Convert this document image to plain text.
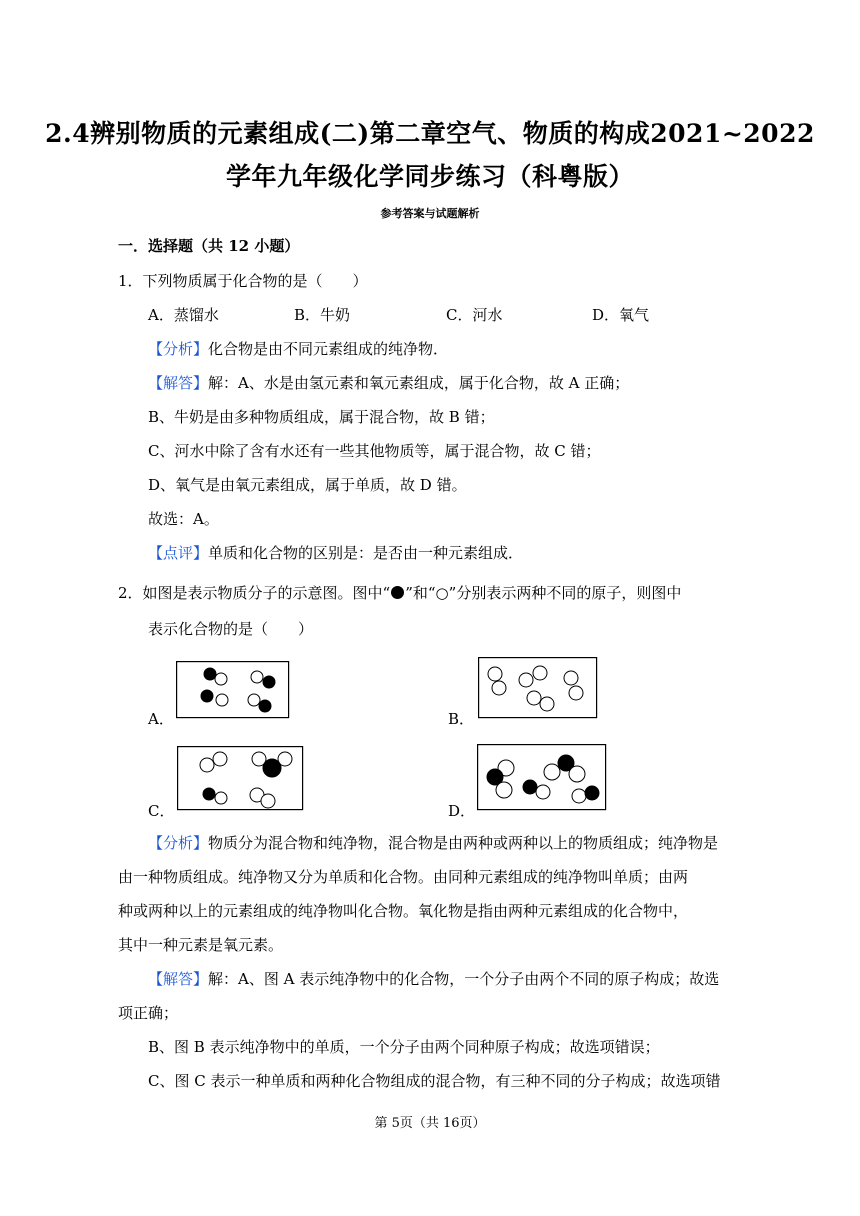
2.4辨别物质的元素组成(二)第二章空气、物质的构成2021~2022
学年九年级化学同步练习（科粤版）
参考答案与试题解析
一．选择题（共 12 小题）
1．下列物质属于化合物的是（　　）
A．蒸馏水	B．牛奶	C．河水	D．氧气
【分析】化合物是由不同元素组成的纯净物．
【解答】解：A、水是由氢元素和氧元素组成，属于化合物，故 A 正确；
B、牛奶是由多种物质组成，属于混合物，故 B 错；
C、河水中除了含有水还有一些其他物质等，属于混合物，故 C 错；
D、氧气是由氧元素组成，属于单质，故 D 错。
故选：A。
【点评】单质和化合物的区别是：是否由一种元素组成．
2．如图是表示物质分子的示意图。图中“ ”和“○”分别表示两种不同的原子，则图中
表示化合物的是（　　）
A．	B．
C．	D．
【分析】物质分为混合物和纯净物，混合物是由两种或两种以上的物质组成；纯净物是
由一种物质组成。纯净物又分为单质和化合物。由同种元素组成的纯净物叫单质；由两
种或两种以上的元素组成的纯净物叫化合物。氧化物是指由两种元素组成的化合物中，
其中一种元素是氧元素。
【解答】解：A、图 A 表示纯净物中的化合物，一个分子由两个不同的原子构成；故选
项正确；
B、图 B 表示纯净物中的单质，一个分子由两个同种原子构成；故选项错误；
C、图 C 表示一种单质和两种化合物组成的混合物，有三种不同的分子构成；故选项错
第 5页（共 16页）
